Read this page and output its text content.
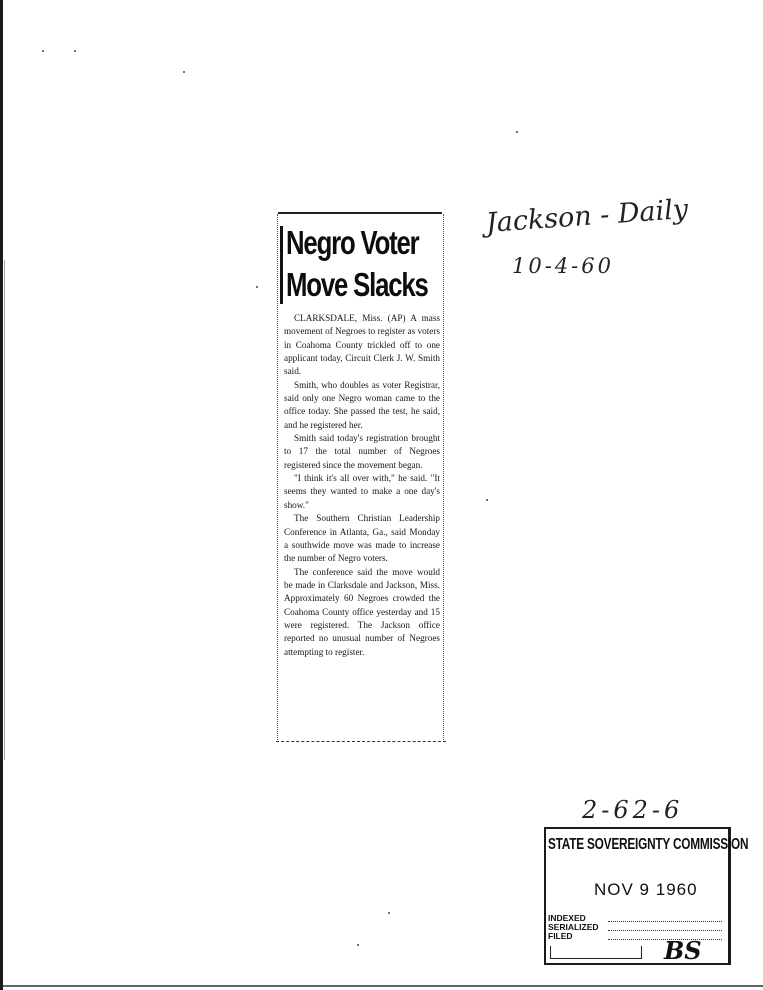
Negro Voter
Move Slacks

CLARKSDALE, Miss. (AP) A mass movement of Negroes to register as voters in Coahoma County trickled off to one applicant today, Circuit Clerk J. W. Smith said.

Smith, who doubles as voter Registrar, said only one Negro woman came to the office today. She passed the test, he said, and he registered her.

Smith said today's registration brought to 17 the total number of Negroes registered since the movement began.

"I think it's all over with," he said. "It seems they wanted to make a one day's show."

The Southern Christian Leadership Conference in Atlanta, Ga., said Monday a southwide move was made to increase the number of Negro voters.

The conference said the move would be made in Clarksdale and Jackson, Miss. Approximately 60 Negroes crowded the Coahoma County office yesterday and 15 were registered. The Jackson office reported no unusual number of Negroes attempting to register.

Jackson - Daily
10-4-60
2-62-6
STATE SOVEREIGNTY COMMISSION
NOV 9 1960
INDEXED
SERIALIZED
FILED	BS
